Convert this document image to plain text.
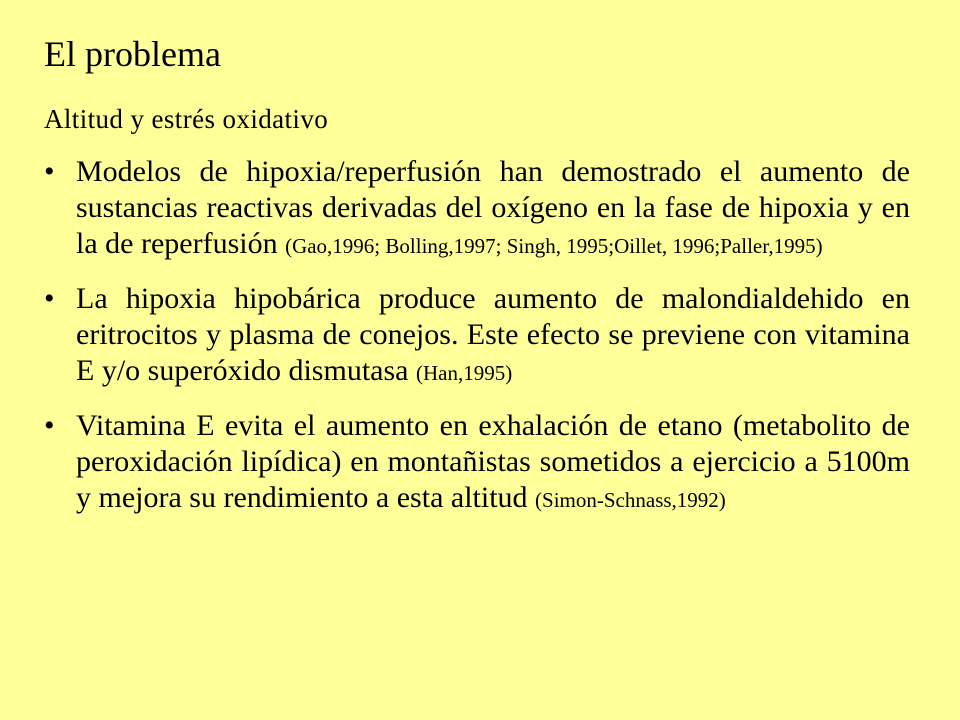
El problema
Altitud y estrés oxidativo
• Modelos de hipoxia/reperfusión han demostrado el aumento de sustancias reactivas derivadas del oxígeno en la fase de hipoxia y en la de reperfusión (Gao,1996; Bolling,1997; Singh, 1995;Oillet, 1996;Paller,1995)
• La hipoxia hipobárica produce aumento de malondialdehido en eritrocitos y plasma de conejos. Este efecto se previene con vitamina E y/o superóxido dismutasa (Han,1995)
• Vitamina E evita el aumento en exhalación de etano (metabolito de peroxidación lipídica) en montañistas sometidos a ejercicio a 5100m y mejora su rendimiento a esta altitud (Simon-Schnass,1992)
